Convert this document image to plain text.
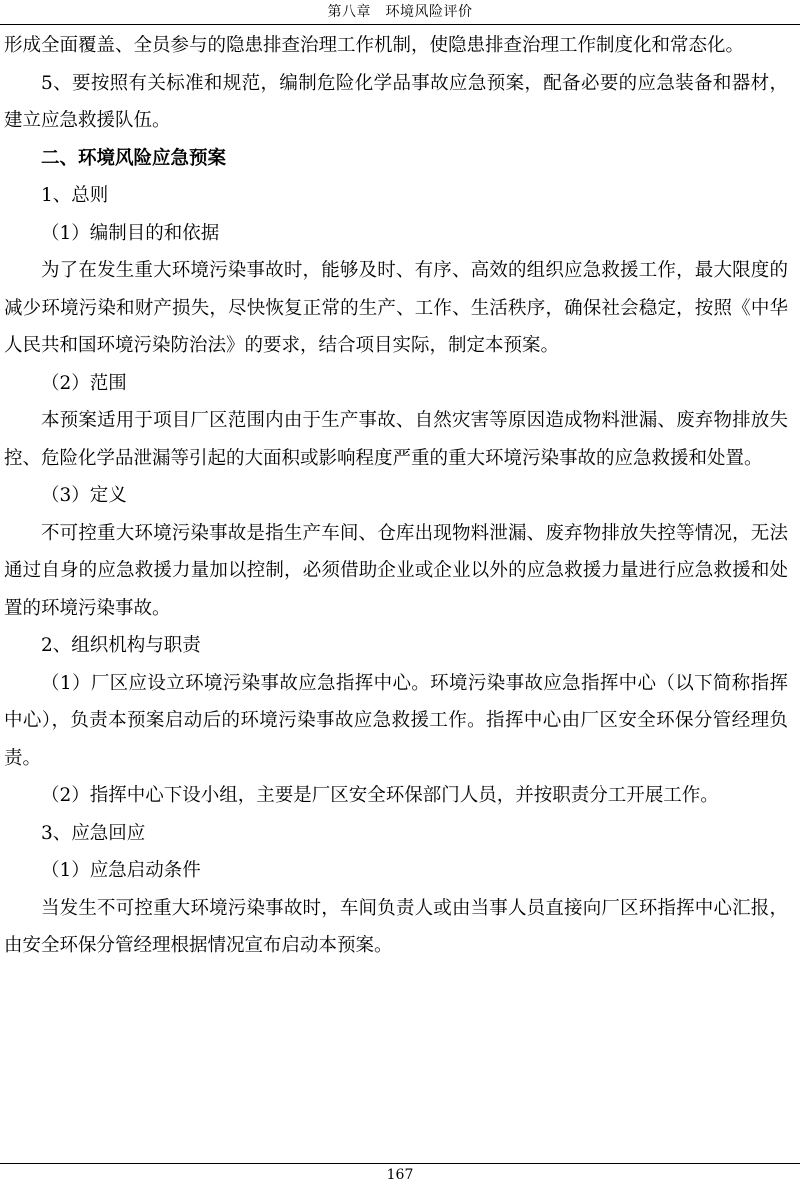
第八章　环境风险评价

形成全面覆盖、全员参与的隐患排查治理工作机制，使隐患排查治理工作制度化和常态化。

5、要按照有关标准和规范，编制危险化学品事故应急预案，配备必要的应急装备和器材，建立应急救援队伍。

二、环境风险应急预案

1、总则

（1）编制目的和依据

为了在发生重大环境污染事故时，能够及时、有序、高效的组织应急救援工作，最大限度的减少环境污染和财产损失，尽快恢复正常的生产、工作、生活秩序，确保社会稳定，按照《中华人民共和国环境污染防治法》的要求，结合项目实际，制定本预案。

（2）范围

本预案适用于项目厂区范围内由于生产事故、自然灾害等原因造成物料泄漏、废弃物排放失控、危险化学品泄漏等引起的大面积或影响程度严重的重大环境污染事故的应急救援和处置。

（3）定义

不可控重大环境污染事故是指生产车间、仓库出现物料泄漏、废弃物排放失控等情况，无法通过自身的应急救援力量加以控制，必须借助企业或企业以外的应急救援力量进行应急救援和处置的环境污染事故。

2、组织机构与职责

（1）厂区应设立环境污染事故应急指挥中心。环境污染事故应急指挥中心（以下简称指挥中心），负责本预案启动后的环境污染事故应急救援工作。指挥中心由厂区安全环保分管经理负责。

（2）指挥中心下设小组，主要是厂区安全环保部门人员，并按职责分工开展工作。

3、应急回应

（1）应急启动条件

当发生不可控重大环境污染事故时，车间负责人或由当事人员直接向厂区环指挥中心汇报，由安全环保分管经理根据情况宣布启动本预案。

167
